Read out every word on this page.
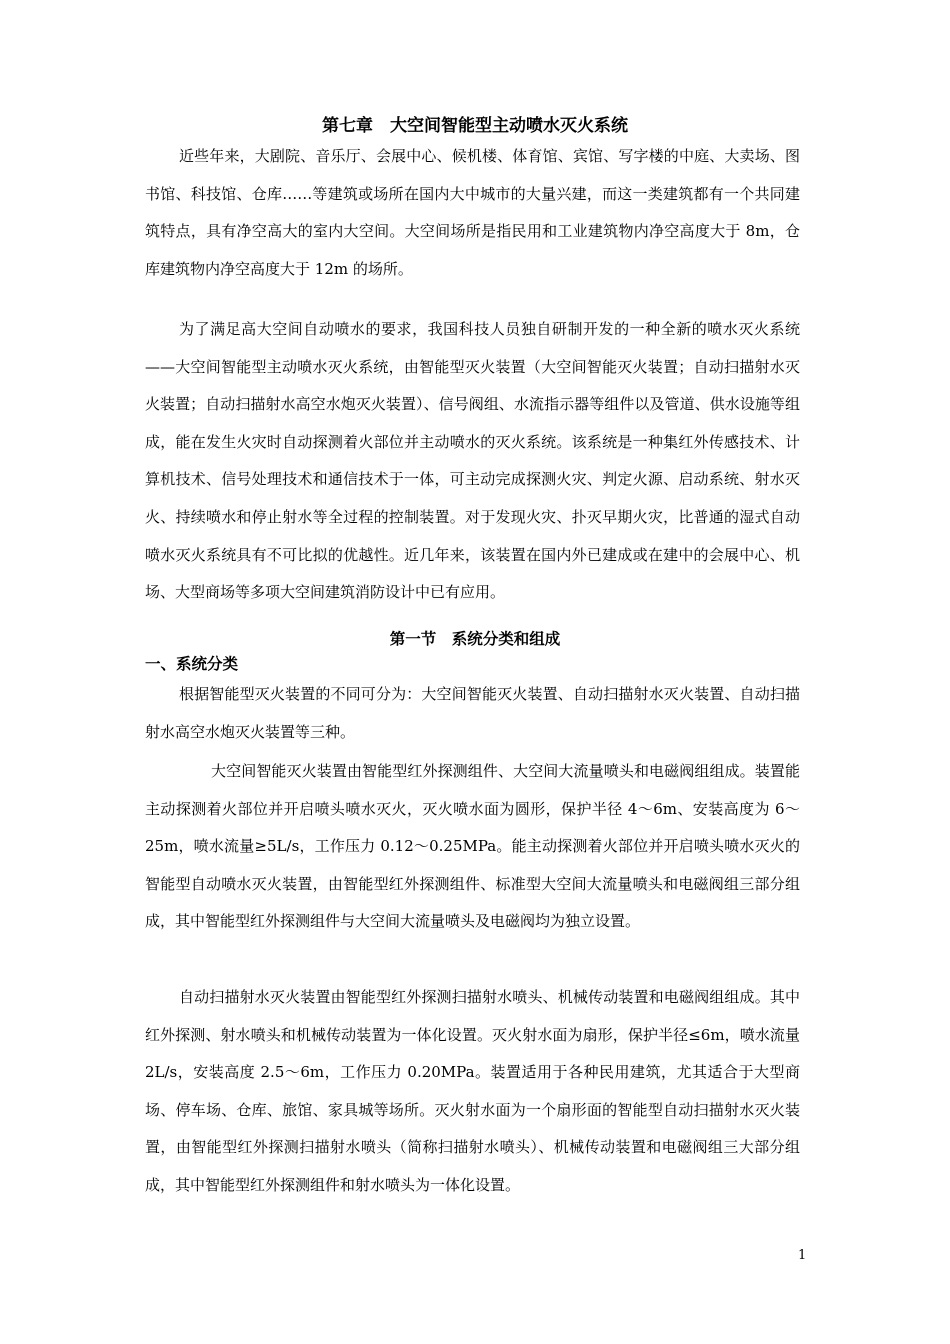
第七章　大空间智能型主动喷水灭火系统

近些年来，大剧院、音乐厅、会展中心、候机楼、体育馆、宾馆、写字楼的中庭、大卖场、图书馆、科技馆、仓库……等建筑或场所在国内大中城市的大量兴建，而这一类建筑都有一个共同建筑特点，具有净空高大的室内大空间。大空间场所是指民用和工业建筑物内净空高度大于 8m，仓库建筑物内净空高度大于 12m 的场所。

为了满足高大空间自动喷水的要求，我国科技人员独自研制开发的一种全新的喷水灭火系统——大空间智能型主动喷水灭火系统，由智能型灭火装置（大空间智能灭火装置；自动扫描射水灭火装置；自动扫描射水高空水炮灭火装置）、信号阀组、水流指示器等组件以及管道、供水设施等组成，能在发生火灾时自动探测着火部位并主动喷水的灭火系统。该系统是一种集红外传感技术、计算机技术、信号处理技术和通信技术于一体，可主动完成探测火灾、判定火源、启动系统、射水灭火、持续喷水和停止射水等全过程的控制装置。对于发现火灾、扑灭早期火灾，比普通的湿式自动喷水灭火系统具有不可比拟的优越性。近几年来，该装置在国内外已建成或在建中的会展中心、机场、大型商场等多项大空间建筑消防设计中已有应用。

第一节　系统分类和组成
一、系统分类

根据智能型灭火装置的不同可分为：大空间智能灭火装置、自动扫描射水灭火装置、自动扫描射水高空水炮灭火装置等三种。

大空间智能灭火装置由智能型红外探测组件、大空间大流量喷头和电磁阀组组成。装置能主动探测着火部位并开启喷头喷水灭火，灭火喷水面为圆形，保护半径 4～6m、安装高度为 6～25m，喷水流量≥5L/s，工作压力 0.12～0.25MPa。能主动探测着火部位并开启喷头喷水灭火的智能型自动喷水灭火装置，由智能型红外探测组件、标准型大空间大流量喷头和电磁阀组三部分组成，其中智能型红外探测组件与大空间大流量喷头及电磁阀均为独立设置。

自动扫描射水灭火装置由智能型红外探测扫描射水喷头、机械传动装置和电磁阀组组成。其中红外探测、射水喷头和机械传动装置为一体化设置。灭火射水面为扇形，保护半径≤6m，喷水流量 2L/s，安装高度 2.5～6m，工作压力 0.20MPa。装置适用于各种民用建筑，尤其适合于大型商场、停车场、仓库、旅馆、家具城等场所。灭火射水面为一个扇形面的智能型自动扫描射水灭火装置，由智能型红外探测扫描射水喷头（简称扫描射水喷头）、机械传动装置和电磁阀组三大部分组成，其中智能型红外探测组件和射水喷头为一体化设置。

1
